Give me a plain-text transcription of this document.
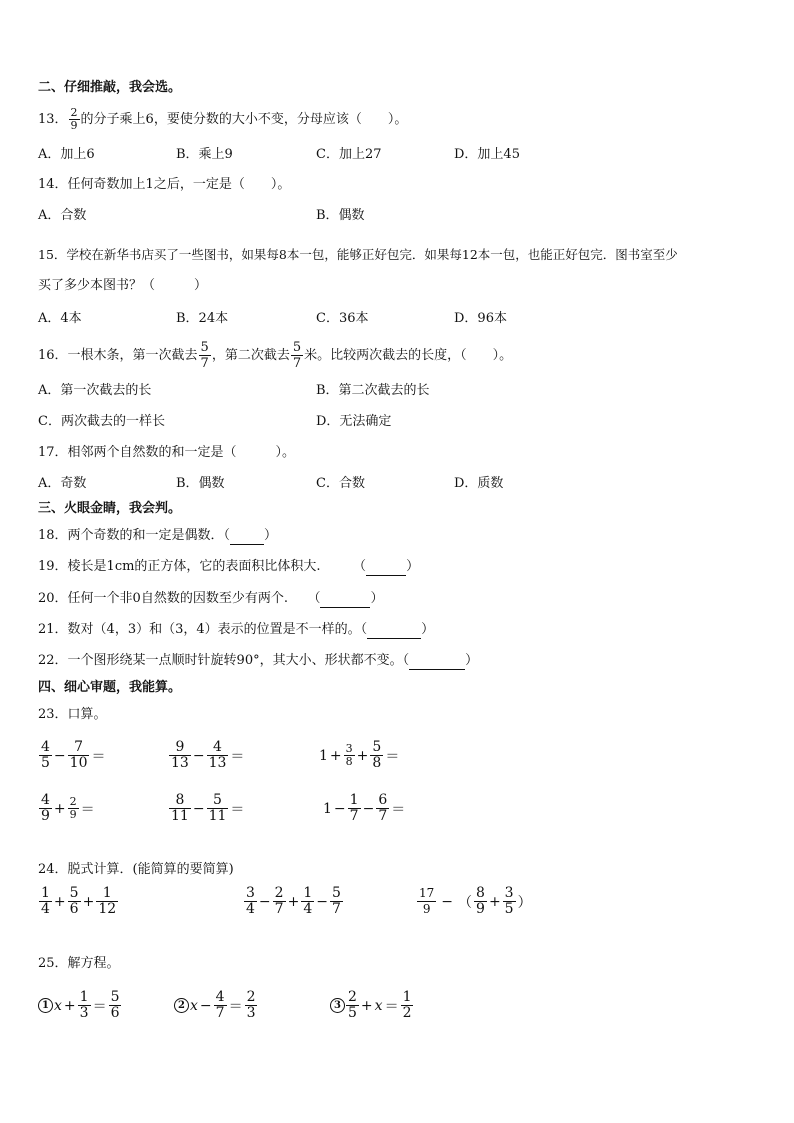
二、仔细推敲，我会选。
13． $\frac{2}{9}$ 的分子乘上6，要使分数的大小不变，分母应该（　　）。
A．加上6	B．乘上9	C．加上27	D．加上45
14．任何奇数加上1之后，一定是（　　）。
A．合数	B．偶数
15．学校在新华书店买了一些图书，如果每8本一包，能够正好包完．如果每12本一包，也能正好包完．图书室至少
买了多少本图书？（　　　）
A．4本	B．24本	C．36本	D．96本
16．一根木条，第一次截去 $\frac{5}{7}$ ，第二次截去 $\frac{5}{7}$ 米。比较两次截去的长度，（　　）。
A．第一次截去的长	B．第二次截去的长
C．两次截去的一样长	D．无法确定
17．相邻两个自然数的和一定是（　　　）。
A．奇数	B．偶数	C．合数	D．质数
三、火眼金睛，我会判。
18．两个奇数的和一定是偶数．（	）
19．棱长是1cm的正方体，它的表面积比体积大.　　　（	）
20．任何一个非0自然数的因数至少有两个.　　（	）
21．数对（4，3）和（3，4）表示的位置是不一样的。（	）
22．一个图形绕某一点顺时针旋转90°，其大小、形状都不变。（	）
四、细心审题，我能算。
23．口算。
$\frac{4}{5} - \frac{7}{10}$ ＝	$\frac{9}{13} - \frac{4}{13}$ ＝	$1 + \frac{3}{8} + \frac{5}{8}$ ＝
$\frac{4}{9} + \frac{2}{9}$ ＝	$\frac{8}{11} - \frac{5}{11}$ ＝	$1 - \frac{1}{7} - \frac{6}{7}$ ＝
24．脱式计算．(能简算的要简算)
$\frac{1}{4} + \frac{5}{6} + \frac{1}{12}$	$\frac{3}{4} - \frac{2}{7} + \frac{1}{4} - \frac{5}{7}$	$\frac{17}{9}$ − （ $\frac{8}{9} + \frac{3}{5}$ ）
25．解方程。
1 $x + \frac{1}{3} = \frac{5}{6}$	2 $x - \frac{4}{7} = \frac{2}{3}$	$3 \frac{2}{5} + x = \frac{1}{2}$
